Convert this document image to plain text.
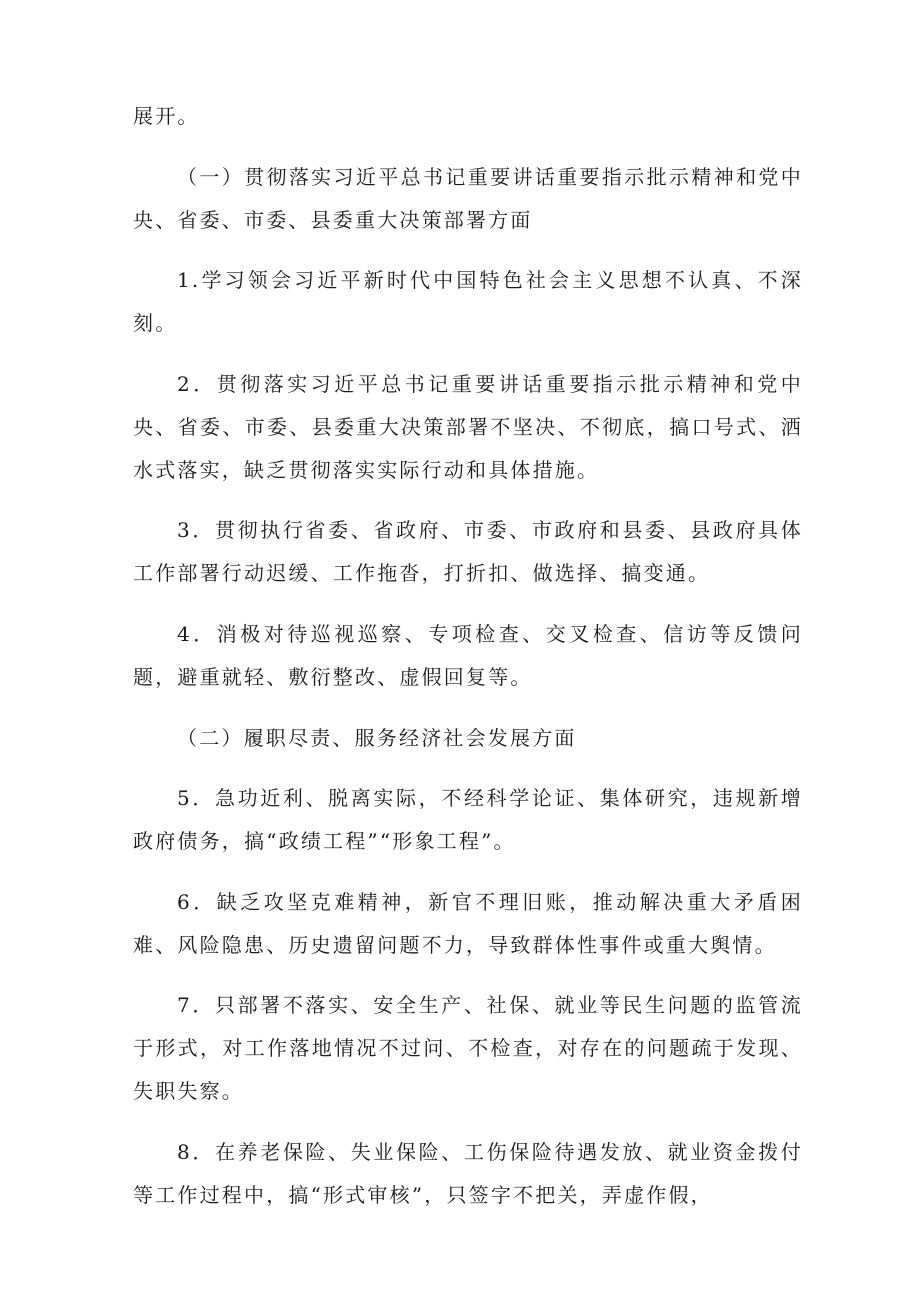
展开。

（一）贯彻落实习近平总书记重要讲话重要指示批示精神和党中央、省委、市委、县委重大决策部署方面

1.学习领会习近平新时代中国特色社会主义思想不认真、不深刻。

2．贯彻落实习近平总书记重要讲话重要指示批示精神和党中央、省委、市委、县委重大决策部署不坚决、不彻底，搞口号式、洒水式落实，缺乏贯彻落实实际行动和具体措施。

3．贯彻执行省委、省政府、市委、市政府和县委、县政府具体工作部署行动迟缓、工作拖沓，打折扣、做选择、搞变通。

4．消极对待巡视巡察、专项检查、交叉检查、信访等反馈问题，避重就轻、敷衍整改、虚假回复等。

（二）履职尽责、服务经济社会发展方面

5．急功近利、脱离实际，不经科学论证、集体研究，违规新增政府债务，搞“政绩工程”“形象工程”。

6．缺乏攻坚克难精神，新官不理旧账，推动解决重大矛盾困难、风险隐患、历史遗留问题不力，导致群体性事件或重大舆情。

7．只部署不落实、安全生产、社保、就业等民生问题的监管流于形式，对工作落地情况不过问、不检查，对存在的问题疏于发现、失职失察。

8．在养老保险、失业保险、工伤保险待遇发放、就业资金拨付等工作过程中，搞“形式审核”，只签字不把关，弄虚作假，
